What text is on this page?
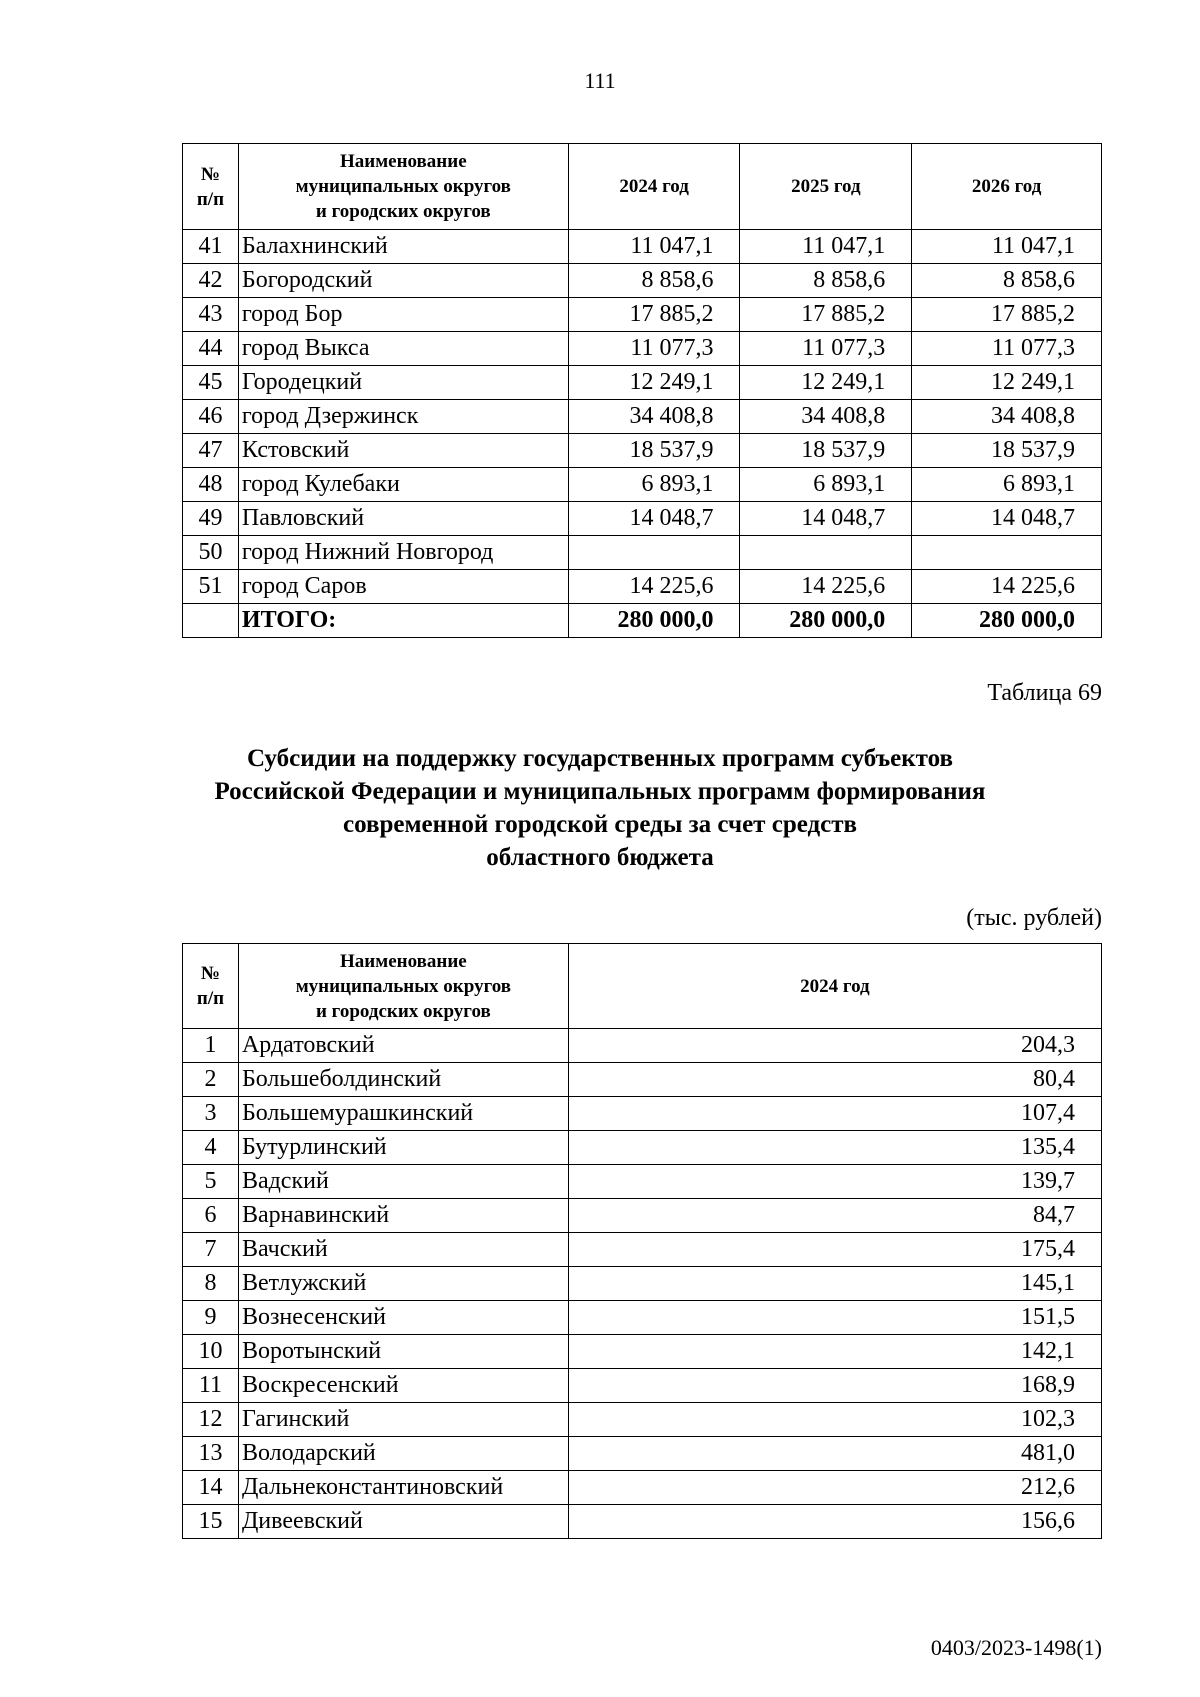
111
№
п/п	Наименование
муниципальных округов
и городских округов	2024 год	2025 год	2026 год
41	Балахнинский	11 047,1	11 047,1	11 047,1
42	Богородский	8 858,6	8 858,6	8 858,6
43	город Бор	17 885,2	17 885,2	17 885,2
44	город Выкса	11 077,3	11 077,3	11 077,3
45	Городецкий	12 249,1	12 249,1	12 249,1
46	город Дзержинск	34 408,8	34 408,8	34 408,8
47	Кстовский	18 537,9	18 537,9	18 537,9
48	город Кулебаки	6 893,1	6 893,1	6 893,1
49	Павловский	14 048,7	14 048,7	14 048,7
50	город Нижний Новгород			
51	город Саров	14 225,6	14 225,6	14 225,6
	ИТОГО:	280 000,0	280 000,0	280 000,0
Таблица 69
Субсидии на поддержку государственных программ субъектов
Российской Федерации и муниципальных программ формирования
современной городской среды за счет средств
областного бюджета
(тыс. рублей)
№
п/п	Наименование
муниципальных округов
и городских округов	2024 год
1	Ардатовский	204,3
2	Большеболдинский	80,4
3	Большемурашкинский	107,4
4	Бутурлинский	135,4
5	Вадский	139,7
6	Варнавинский	84,7
7	Вачский	175,4
8	Ветлужский	145,1
9	Вознесенский	151,5
10	Воротынский	142,1
11	Воскресенский	168,9
12	Гагинский	102,3
13	Володарский	481,0
14	Дальнеконстантиновский	212,6
15	Дивеевский	156,6
0403/2023-1498(1)
